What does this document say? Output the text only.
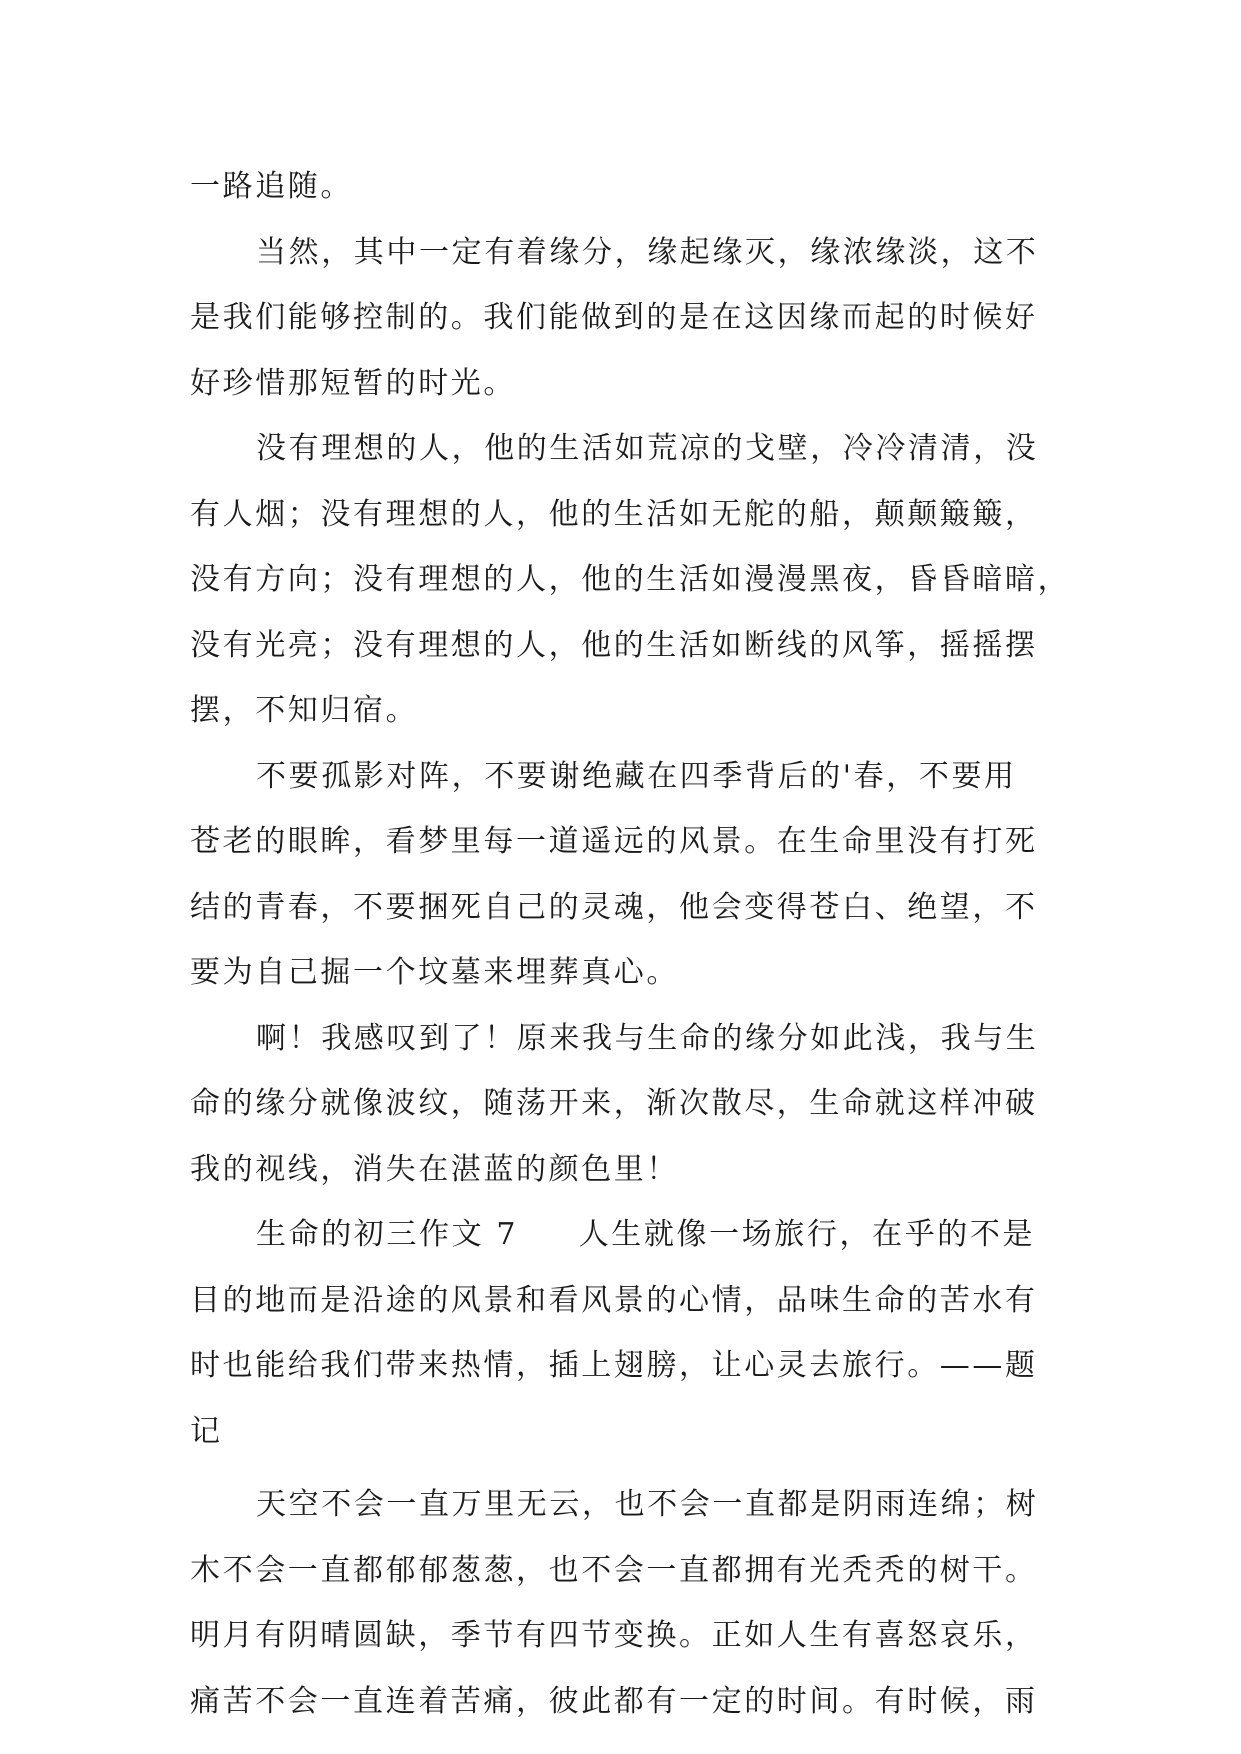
一路追随。
当然，其中一定有着缘分，缘起缘灭，缘浓缘淡，这不
是我们能够控制的。我们能做到的是在这因缘而起的时候好
好珍惜那短暂的时光。
没有理想的人，他的生活如荒凉的戈壁，冷冷清清，没
有人烟；没有理想的人，他的生活如无舵的船，颠颠簸簸，
没有方向；没有理想的人，他的生活如漫漫黑夜，昏昏暗暗，
没有光亮；没有理想的人，他的生活如断线的风筝，摇摇摆
摆，不知归宿。
不要孤影对阵，不要谢绝藏在四季背后的'春，不要用
苍老的眼眸，看梦里每一道遥远的风景。在生命里没有打死
结的青春，不要捆死自己的灵魂，他会变得苍白、绝望，不
要为自己掘一个坟墓来埋葬真心。
啊！我感叹到了！原来我与生命的缘分如此浅，我与生
命的缘分就像波纹，随荡开来，渐次散尽，生命就这样冲破
我的视线，消失在湛蓝的颜色里！
生命的初三作文 7     人生就像一场旅行，在乎的不是
目的地而是沿途的风景和看风景的心情，品味生命的苦水有
时也能给我们带来热情，插上翅膀，让心灵去旅行。——题
记
天空不会一直万里无云，也不会一直都是阴雨连绵；树
木不会一直都郁郁葱葱，也不会一直都拥有光秃秃的树干。
明月有阴晴圆缺，季节有四节变换。正如人生有喜怒哀乐，
痛苦不会一直连着苦痛，彼此都有一定的时间。有时候，雨
